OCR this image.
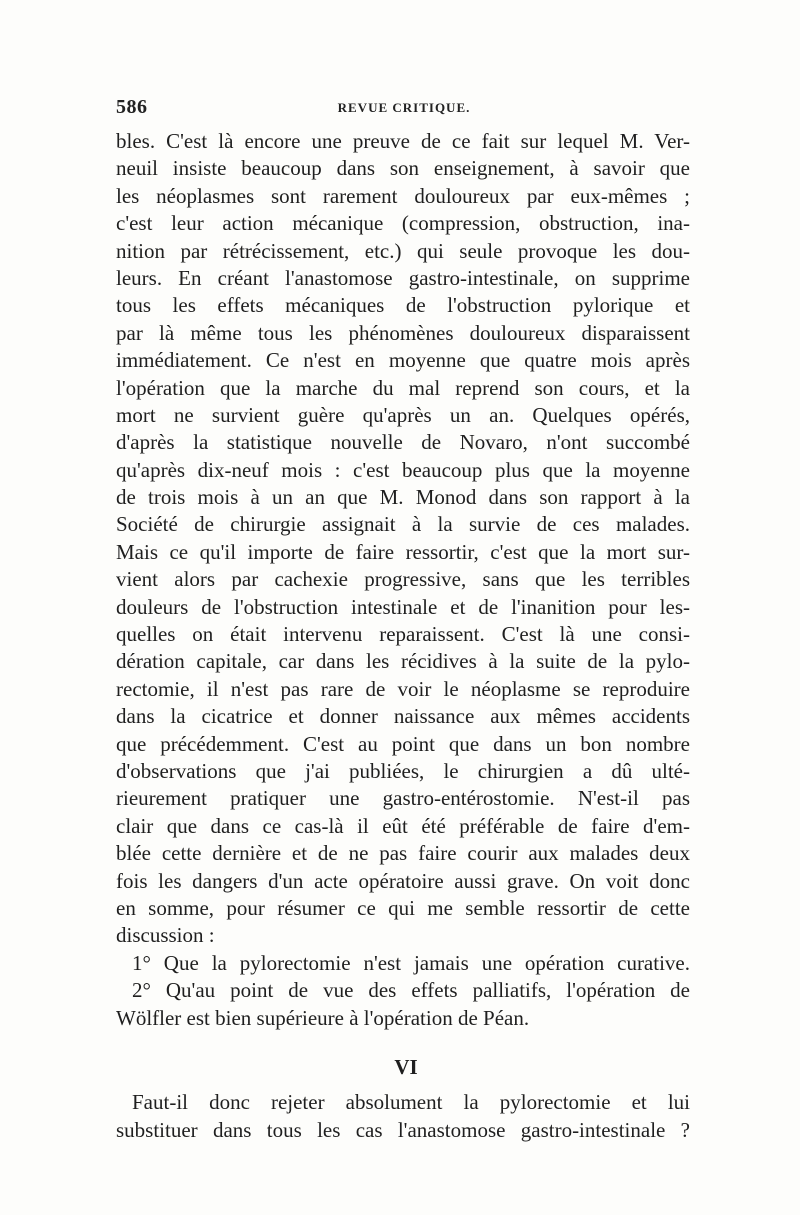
586	REVUE CRITIQUE.
bles. C'est là encore une preuve de ce fait sur lequel M. Ver-
neuil insiste beaucoup dans son enseignement, à savoir que
les néoplasmes sont rarement douloureux par eux-mêmes ;
c'est leur action mécanique (compression, obstruction, ina-
nition par rétrécissement, etc.) qui seule provoque les dou-
leurs. En créant l'anastomose gastro-intestinale, on supprime
tous les effets mécaniques de l'obstruction pylorique et
par là même tous les phénomènes douloureux disparaissent
immédiatement. Ce n'est en moyenne que quatre mois après
l'opération que la marche du mal reprend son cours, et la
mort ne survient guère qu'après un an. Quelques opérés,
d'après la statistique nouvelle de Novaro, n'ont succombé
qu'après dix-neuf mois : c'est beaucoup plus que la moyenne
de trois mois à un an que M. Monod dans son rapport à la
Société de chirurgie assignait à la survie de ces malades.
Mais ce qu'il importe de faire ressortir, c'est que la mort sur-
vient alors par cachexie progressive, sans que les terribles
douleurs de l'obstruction intestinale et de l'inanition pour les-
quelles on était intervenu reparaissent. C'est là une consi-
dération capitale, car dans les récidives à la suite de la pylo-
rectomie, il n'est pas rare de voir le néoplasme se reproduire
dans la cicatrice et donner naissance aux mêmes accidents
que précédemment. C'est au point que dans un bon nombre
d'observations que j'ai publiées, le chirurgien a dû ulté-
rieurement pratiquer une gastro-entérostomie. N'est-il pas
clair que dans ce cas-là il eût été préférable de faire d'em-
blée cette dernière et de ne pas faire courir aux malades deux
fois les dangers d'un acte opératoire aussi grave. On voit donc
en somme, pour résumer ce qui me semble ressortir de cette
discussion :
1° Que la pylorectomie n'est jamais une opération curative.
2° Qu'au point de vue des effets palliatifs, l'opération de
Wölfler est bien supérieure à l'opération de Péan.
VI
Faut-il donc rejeter absolument la pylorectomie et lui
substituer dans tous les cas l'anastomose gastro-intestinale ?
